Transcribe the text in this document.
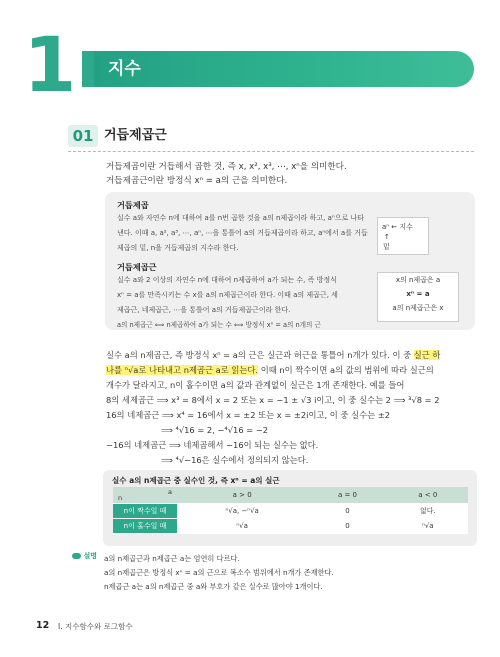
1 지수
01 거듭제곱근
거듭제곱이란 거듭해서 곱한 것, 즉 x, x², x³, ⋯, xⁿ을 의미한다.
거듭제곱근이란 방정식 xⁿ = a의 근을 의미한다.
거듭제곱
실수 a와 자연수 n에 대하여 a를 n번 곱한 것을 a의 n제곱이라 하고, aⁿ으로 나타
낸다. 이때 a, a², a³, ⋯, aⁿ, ⋯을 통틀어 a의 거듭제곱이라 하고, aⁿ에서 a를 거듭
제곱의 밑, n을 거듭제곱의 지수라 한다.
aⁿ ← 지수
↑
밑
거듭제곱근
실수 a와 2 이상의 자연수 n에 대하여 n제곱하여 a가 되는 수, 즉 방정식
xⁿ = a를 만족시키는 수 x를 a의 n제곱근이라 한다. 이때 a의 제곱근, 세
제곱근, 네제곱근, ⋯을 통틀어 a의 거듭제곱근이라 한다.
a의 n제곱근 ⟺ n제곱하여 a가 되는 수 ⟺ 방정식 xⁿ = a의 n개의 근
x의 n제곱은 a
xⁿ = a
a의 n제곱근은 x
실수 a의 n제곱근, 즉 방정식 xⁿ = a의 근은 실근과 허근을 통틀어 n개가 있다. 이 중 실근 하
나를 ⁿ√a로 나타내고 n제곱근 a로 읽는다. 이때 n이 짝수이면 a의 값의 범위에 따라 실근의
개수가 달라지고, n이 홀수이면 a의 값과 관계없이 실근은 1개 존재한다. 예를 들어
8의 세제곱근 ⟹ x³ = 8에서 x = 2 또는 x = −1 ± √3 i이고, 이 중 실수는 2 ⟹ ³√8 = 2
16의 네제곱근 ⟹ x⁴ = 16에서 x = ±2 또는 x = ±2i이고, 이 중 실수는 ±2
⟹ ⁴√16 = 2, −⁴√16 = −2
−16의 네제곱근 ⟹ 네제곱해서 −16이 되는 실수는 없다.
⟹ ⁴√−16은 실수에서 정의되지 않는다.
실수 a의 n제곱근 중 실수인 것, 즉 xⁿ = a의 실근
a
n	a > 0	a = 0	a < 0
n이 짝수일 때	ⁿ√a, −ⁿ√a	0	없다.
n이 홀수일 때	ⁿ√a	0	ⁿ√a
설명 a의 n제곱근과 n제곱근 a는 엄연히 다르다.
a의 n제곱근은 방정식 xⁿ = a의 근으로 복소수 범위에서 n개가 존재한다.
n제곱근 a는 a의 n제곱근 중 a와 부호가 같은 실수로 많아야 1개이다.
12 I. 지수함수와 로그함수
